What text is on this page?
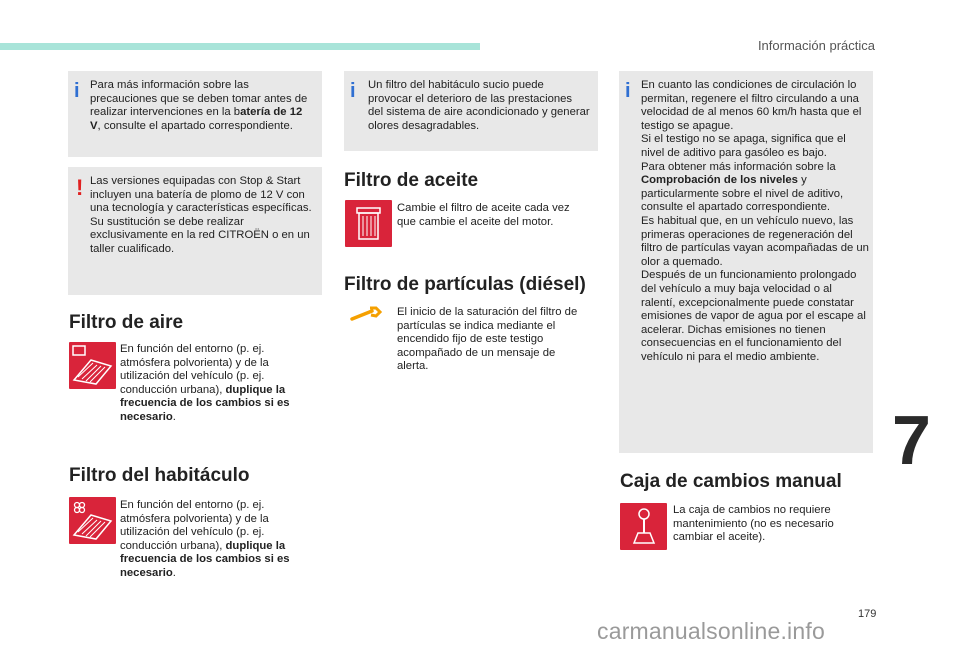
Información práctica
i Para más información sobre las precauciones que se deben tomar antes de realizar intervenciones en la batería de 12 V, consulte el apartado correspondiente.

! Las versiones equipadas con Stop & Start incluyen una batería de plomo de 12 V con una tecnología y características específicas.
Su sustitución se debe realizar exclusivamente en la red CITROËN o en un taller cualificado.

Filtro de aire

En función del entorno (p. ej. atmósfera polvorienta) y de la utilización del vehículo (p. ej. conducción urbana), duplique la frecuencia de los cambios si es necesario.

Filtro del habitáculo

En función del entorno (p. ej. atmósfera polvorienta) y de la utilización del vehículo (p. ej. conducción urbana), duplique la frecuencia de los cambios si es necesario.

i Un filtro del habitáculo sucio puede provocar el deterioro de las prestaciones del sistema de aire acondicionado y generar olores desagradables.

Filtro de aceite
Cambie el filtro de aceite cada vez que cambie el aceite del motor.
Filtro de partículas (diésel)
El inicio de la saturación del filtro de partículas se indica mediante el encendido fijo de este testigo acompañado de un mensaje de alerta.
i En cuanto las condiciones de circulación lo permitan, regenere el filtro circulando a una velocidad de al menos 60 km/h hasta que el testigo se apague.
Si el testigo no se apaga, significa que el nivel de aditivo para gasóleo es bajo.
Para obtener más información sobre la Comprobación de los niveles y particularmente sobre el nivel de aditivo, consulte el apartado correspondiente.
Es habitual que, en un vehículo nuevo, las primeras operaciones de regeneración del filtro de partículas vayan acompañadas de un olor a quemado.
Después de un funcionamiento prolongado del vehículo a muy baja velocidad o al ralentí, excepcionalmente puede constatar emisiones de vapor de agua por el escape al acelerar. Dichas emisiones no tienen consecuencias en el funcionamiento del vehículo ni para el medio ambiente.

Caja de cambios manual
La caja de cambios no requiere mantenimiento (no es necesario cambiar el aceite).
7
179
carmanualsonline.info
